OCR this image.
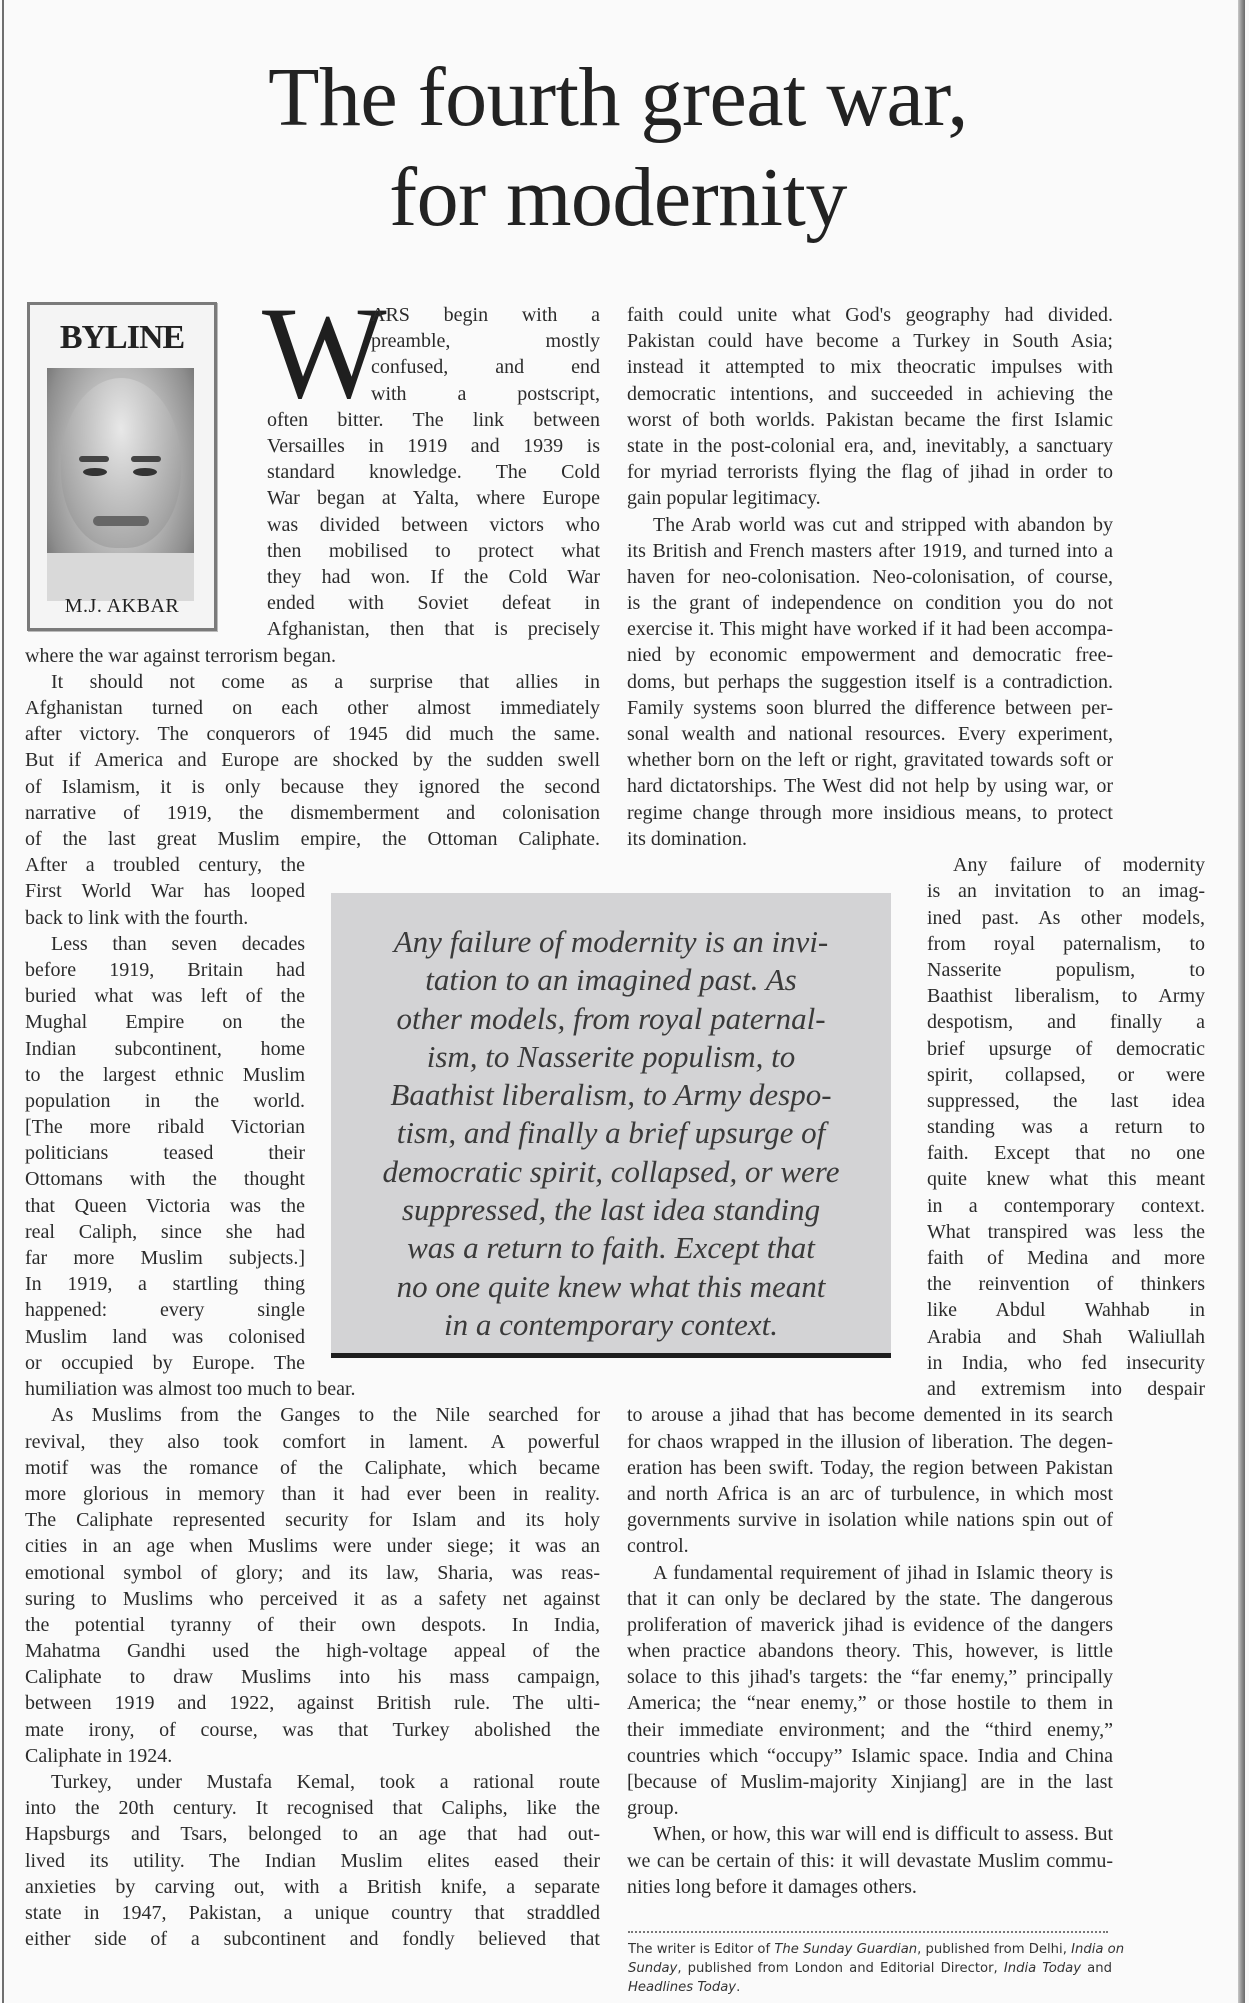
The fourth great war,
for modernity
BYLINE
M.J. AKBAR
W
ARS begin with a
preamble, mostly
confused, and end
with a postscript,
often bitter. The link between
Versailles in 1919 and 1939 is
standard knowledge. The Cold
War began at Yalta, where Europe
was divided between victors who
then mobilised to protect what
they had won. If the Cold War
ended with Soviet defeat in
Afghanistan, then that is precisely
where the war against terrorism began.
It should not come as a surprise that allies in
Afghanistan turned on each other almost immediately
after victory. The conquerors of 1945 did much the same.
But if America and Europe are shocked by the sudden swell
of Islamism, it is only because they ignored the second
narrative of 1919, the dismemberment and colonisation
of the last great Muslim empire, the Ottoman Caliphate.
After a troubled century, the
First World War has looped
back to link with the fourth.
Less than seven decades
before 1919, Britain had
buried what was left of the
Mughal Empire on the
Indian subcontinent, home
to the largest ethnic Muslim
population in the world.
[The more ribald Victorian
politicians teased their
Ottomans with the thought
that Queen Victoria was the
real Caliph, since she had
far more Muslim subjects.]
In 1919, a startling thing
happened: every single
Muslim land was colonised
or occupied by Europe. The
humiliation was almost too much to bear.
As Muslims from the Ganges to the Nile searched for
revival, they also took comfort in lament. A powerful
motif was the romance of the Caliphate, which became
more glorious in memory than it had ever been in reality.
The Caliphate represented security for Islam and its holy
cities in an age when Muslims were under siege; it was an
emotional symbol of glory; and its law, Sharia, was reas-
suring to Muslims who perceived it as a safety net against
the potential tyranny of their own despots. In India,
Mahatma Gandhi used the high-voltage appeal of the
Caliphate to draw Muslims into his mass campaign,
between 1919 and 1922, against British rule. The ulti-
mate irony, of course, was that Turkey abolished the
Caliphate in 1924.
Turkey, under Mustafa Kemal, took a rational route
into the 20th century. It recognised that Caliphs, like the
Hapsburgs and Tsars, belonged to an age that had out-
lived its utility. The Indian Muslim elites eased their
anxieties by carving out, with a British knife, a separate
state in 1947, Pakistan, a unique country that straddled
either side of a subcontinent and fondly believed that
faith could unite what God's geography had divided.
Pakistan could have become a Turkey in South Asia;
instead it attempted to mix theocratic impulses with
democratic intentions, and succeeded in achieving the
worst of both worlds. Pakistan became the first Islamic
state in the post-colonial era, and, inevitably, a sanctuary
for myriad terrorists flying the flag of jihad in order to
gain popular legitimacy.
The Arab world was cut and stripped with abandon by
its British and French masters after 1919, and turned into a
haven for neo-colonisation. Neo-colonisation, of course,
is the grant of independence on condition you do not
exercise it. This might have worked if it had been accompa-
nied by economic empowerment and democratic free-
doms, but perhaps the suggestion itself is a contradiction.
Family systems soon blurred the difference between per-
sonal wealth and national resources. Every experiment,
whether born on the left or right, gravitated towards soft or
hard dictatorships. The West did not help by using war, or
regime change through more insidious means, to protect
its domination.
Any failure of modernity
is an invitation to an imag-
ined past. As other models,
from royal paternalism, to
Nasserite populism, to
Baathist liberalism, to Army
despotism, and finally a
brief upsurge of democratic
spirit, collapsed, or were
suppressed, the last idea
standing was a return to
faith. Except that no one
quite knew what this meant
in a contemporary context.
What transpired was less the
faith of Medina and more
the reinvention of thinkers
like Abdul Wahhab in
Arabia and Shah Waliullah
in India, who fed insecurity
and extremism into despair
to arouse a jihad that has become demented in its search
for chaos wrapped in the illusion of liberation. The degen-
eration has been swift. Today, the region between Pakistan
and north Africa is an arc of turbulence, in which most
governments survive in isolation while nations spin out of
control.
A fundamental requirement of jihad in Islamic theory is
that it can only be declared by the state. The dangerous
proliferation of maverick jihad is evidence of the dangers
when practice abandons theory. This, however, is little
solace to this jihad's targets: the “far enemy,” principally
America; the “near enemy,” or those hostile to them in
their immediate environment; and the “third enemy,”
countries which “occupy” Islamic space. India and China
[because of Muslim-majority Xinjiang] are in the last
group.
When, or how, this war will end is difficult to assess. But
we can be certain of this: it will devastate Muslim commu-
nities long before it damages others.
Any failure of modernity is an invi-
tation to an imagined past. As
other models, from royal paternal-
ism, to Nasserite populism, to
Baathist liberalism, to Army despo-
tism, and finally a brief upsurge of
democratic spirit, collapsed, or were
suppressed, the last idea standing
was a return to faith. Except that
no one quite knew what this meant
in a contemporary context.
The writer is Editor of The Sunday Guardian, published from Delhi, India on
Sunday, published from London and Editorial Director, India Today and
Headlines Today.
